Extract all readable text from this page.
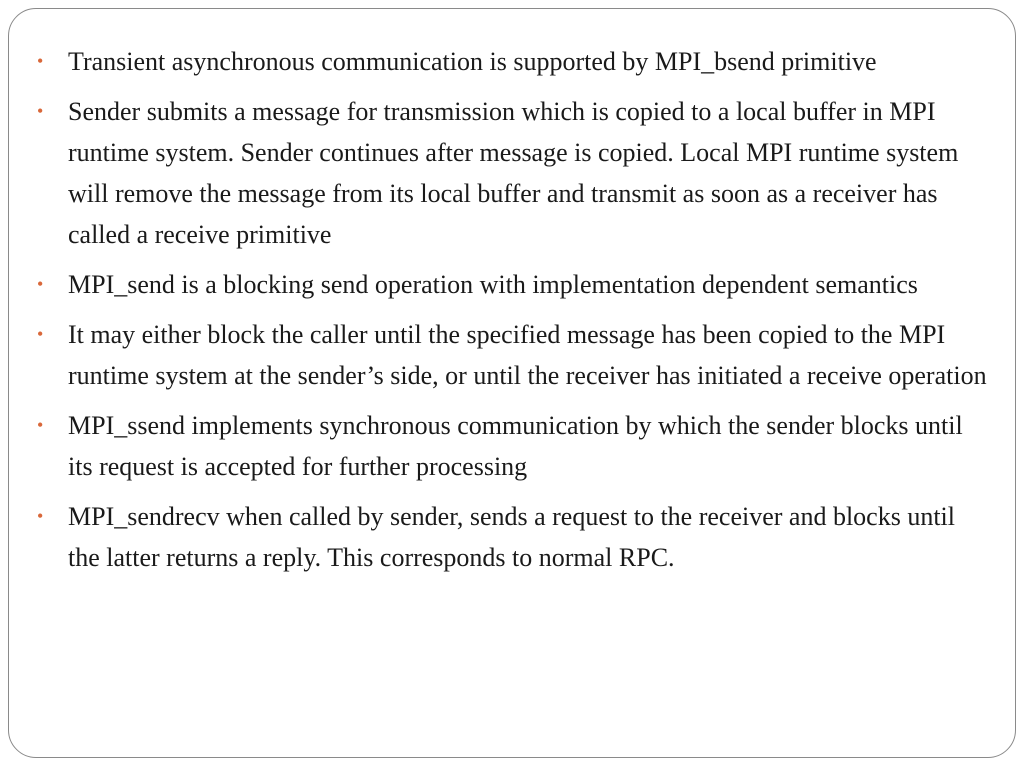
• Transient asynchronous communication is supported by MPI_bsend primitive
• Sender submits a message for transmission which is copied to a local buffer in MPI runtime system. Sender continues after message is copied. Local MPI runtime system will remove the message from its local buffer and transmit as soon as a receiver has called a receive primitive
• MPI_send is a blocking send operation with implementation dependent semantics
• It may either block the caller until the specified message has been copied to the MPI runtime system at the sender’s side, or until the receiver has initiated a receive operation
• MPI_ssend implements synchronous communication by which the sender blocks until its request is accepted for further processing
• MPI_sendrecv when called by sender, sends a request to the receiver and blocks until the latter returns a reply. This corresponds to normal RPC.
